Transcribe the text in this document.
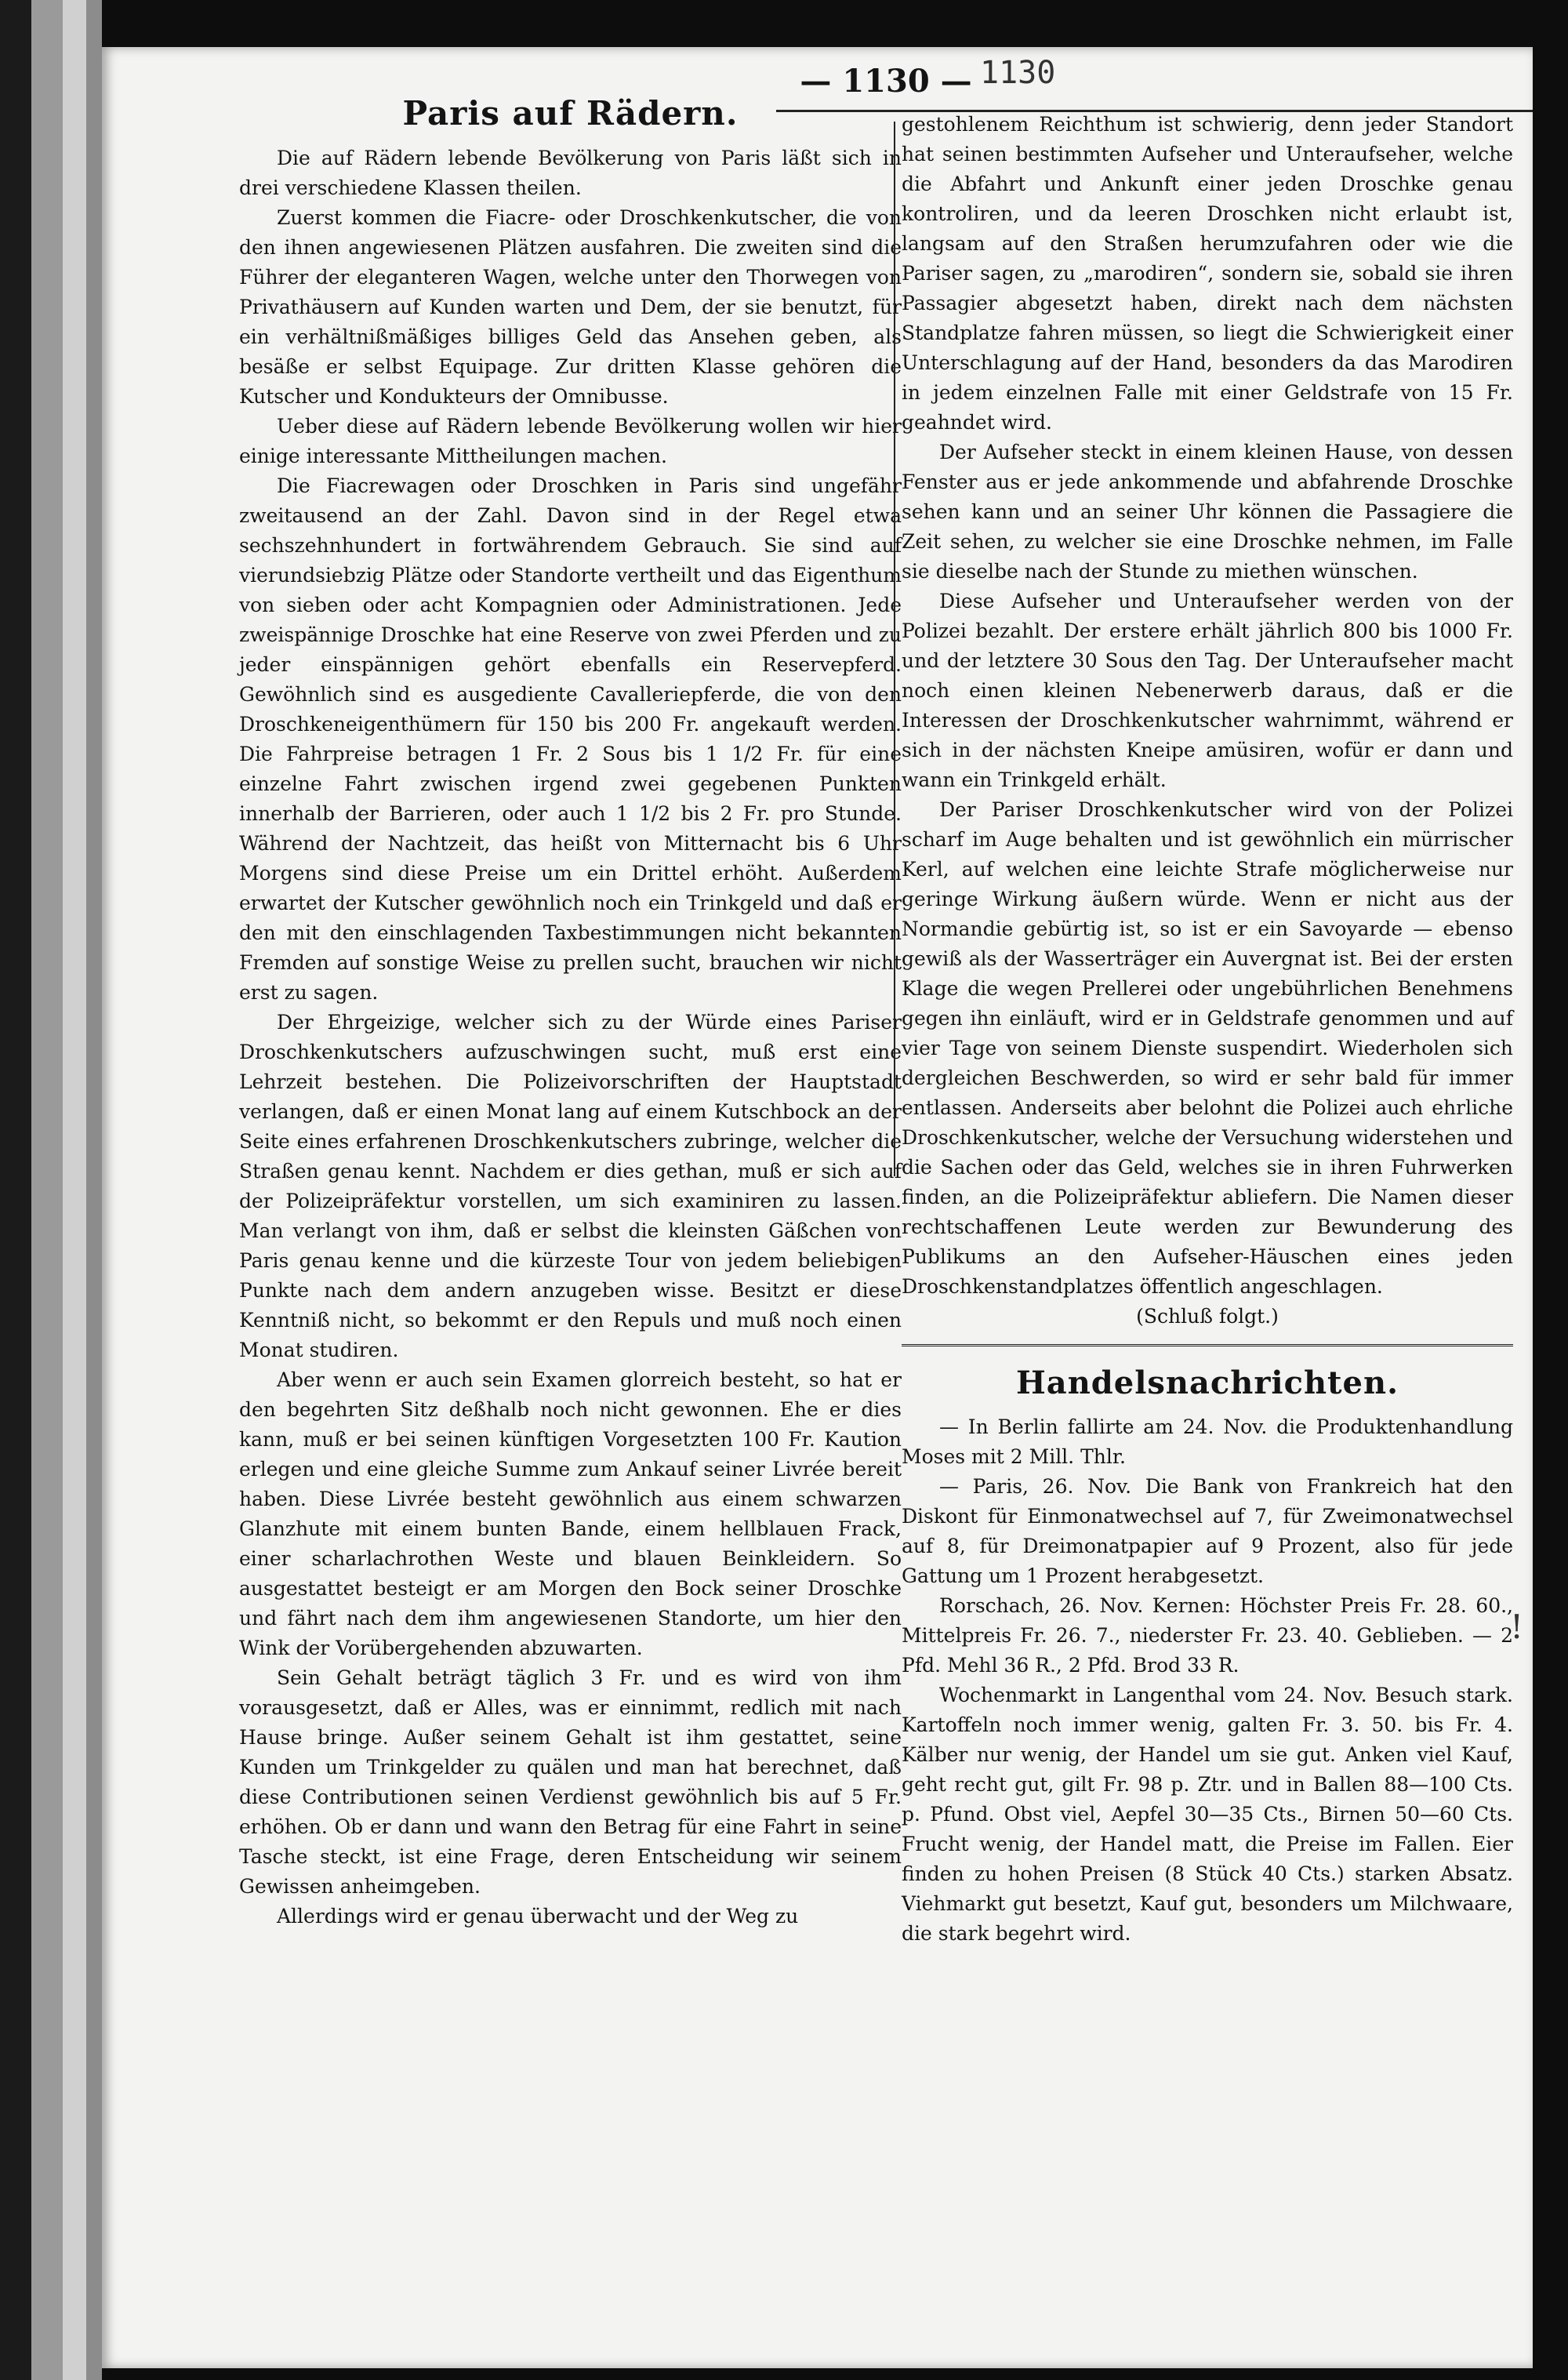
— 1130 — 1130
Paris auf Rädern.

Die auf Rädern lebende Bevölkerung von Paris läßt sich in drei verschiedene Klassen theilen.

Zuerst kommen die Fiacre- oder Droschkenkutscher, die von den ihnen angewiesenen Plätzen ausfahren. Die zweiten sind die Führer der eleganteren Wagen, welche unter den Thorwegen von Privathäusern auf Kunden warten und Dem, der sie benutzt, für ein verhältnißmäßiges billiges Geld das Ansehen geben, als besäße er selbst Equipage. Zur dritten Klasse gehören die Kutscher und Kondukteurs der Omnibusse.

Ueber diese auf Rädern lebende Bevölkerung wollen wir hier einige interessante Mittheilungen machen.

Die Fiacrewagen oder Droschken in Paris sind ungefähr zweitausend an der Zahl. Davon sind in der Regel etwa sechszehnhundert in fortwährendem Gebrauch. Sie sind auf vierundsiebzig Plätze oder Standorte vertheilt und das Eigenthum von sieben oder acht Kompagnien oder Administrationen. Jede zweispännige Droschke hat eine Reserve von zwei Pferden und zu jeder einspännigen gehört ebenfalls ein Reservepferd. Gewöhnlich sind es ausgediente Cavalleriepferde, die von den Droschkeneigenthümern für 150 bis 200 Fr. angekauft werden. Die Fahrpreise betragen 1 Fr. 2 Sous bis 1 1/2 Fr. für eine einzelne Fahrt zwischen irgend zwei gegebenen Punkten innerhalb der Barrieren, oder auch 1 1/2 bis 2 Fr. pro Stunde. Während der Nachtzeit, das heißt von Mitternacht bis 6 Uhr Morgens sind diese Preise um ein Drittel erhöht. Außerdem erwartet der Kutscher gewöhnlich noch ein Trinkgeld und daß er den mit den einschlagenden Taxbestimmungen nicht bekannten Fremden auf sonstige Weise zu prellen sucht, brauchen wir nicht erst zu sagen.

Der Ehrgeizige, welcher sich zu der Würde eines Pariser Droschkenkutschers aufzuschwingen sucht, muß erst eine Lehrzeit bestehen. Die Polizeivorschriften der Hauptstadt verlangen, daß er einen Monat lang auf einem Kutschbock an der Seite eines erfahrenen Droschkenkutschers zubringe, welcher die Straßen genau kennt. Nachdem er dies gethan, muß er sich auf der Polizeipräfektur vorstellen, um sich examiniren zu lassen. Man verlangt von ihm, daß er selbst die kleinsten Gäßchen von Paris genau kenne und die kürzeste Tour von jedem beliebigen Punkte nach dem andern anzugeben wisse. Besitzt er diese Kenntniß nicht, so bekommt er den Repuls und muß noch einen Monat studiren.

Aber wenn er auch sein Examen glorreich besteht, so hat er den begehrten Sitz deßhalb noch nicht gewonnen. Ehe er dies kann, muß er bei seinen künftigen Vorgesetzten 100 Fr. Kaution erlegen und eine gleiche Summe zum Ankauf seiner Livrée bereit haben. Diese Livrée besteht gewöhnlich aus einem schwarzen Glanzhute mit einem bunten Bande, einem hellblauen Frack, einer scharlachrothen Weste und blauen Beinkleidern. So ausgestattet besteigt er am Morgen den Bock seiner Droschke und fährt nach dem ihm angewiesenen Standorte, um hier den Wink der Vorübergehenden abzuwarten.

Sein Gehalt beträgt täglich 3 Fr. und es wird von ihm vorausgesetzt, daß er Alles, was er einnimmt, redlich mit nach Hause bringe. Außer seinem Gehalt ist ihm gestattet, seine Kunden um Trinkgelder zu quälen und man hat berechnet, daß diese Contributionen seinen Verdienst gewöhnlich bis auf 5 Fr. erhöhen. Ob er dann und wann den Betrag für eine Fahrt in seine Tasche steckt, ist eine Frage, deren Entscheidung wir seinem Gewissen anheimgeben.

Allerdings wird er genau überwacht und der Weg zu

gestohlenem Reichthum ist schwierig, denn jeder Standort hat seinen bestimmten Aufseher und Unteraufseher, welche die Abfahrt und Ankunft einer jeden Droschke genau kontroliren, und da leeren Droschken nicht erlaubt ist, langsam auf den Straßen herumzufahren oder wie die Pariser sagen, zu „marodiren“, sondern sie, sobald sie ihren Passagier abgesetzt haben, direkt nach dem nächsten Standplatze fahren müssen, so liegt die Schwierigkeit einer Unterschlagung auf der Hand, besonders da das Marodiren in jedem einzelnen Falle mit einer Geldstrafe von 15 Fr. geahndet wird.

Der Aufseher steckt in einem kleinen Hause, von dessen Fenster aus er jede ankommende und abfahrende Droschke sehen kann und an seiner Uhr können die Passagiere die Zeit sehen, zu welcher sie eine Droschke nehmen, im Falle sie dieselbe nach der Stunde zu miethen wünschen.

Diese Aufseher und Unteraufseher werden von der Polizei bezahlt. Der erstere erhält jährlich 800 bis 1000 Fr. und der letztere 30 Sous den Tag. Der Unteraufseher macht noch einen kleinen Nebenerwerb daraus, daß er die Interessen der Droschkenkutscher wahrnimmt, während er sich in der nächsten Kneipe amüsiren, wofür er dann und wann ein Trinkgeld erhält.

Der Pariser Droschkenkutscher wird von der Polizei scharf im Auge behalten und ist gewöhnlich ein mürrischer Kerl, auf welchen eine leichte Strafe möglicherweise nur geringe Wirkung äußern würde. Wenn er nicht aus der Normandie gebürtig ist, so ist er ein Savoyarde — ebenso gewiß als der Wasserträger ein Auvergnat ist. Bei der ersten Klage die wegen Prellerei oder ungebührlichen Benehmens gegen ihn einläuft, wird er in Geldstrafe genommen und auf vier Tage von seinem Dienste suspendirt. Wiederholen sich dergleichen Beschwerden, so wird er sehr bald für immer entlassen. Anderseits aber belohnt die Polizei auch ehrliche Droschkenkutscher, welche der Versuchung widerstehen und die Sachen oder das Geld, welches sie in ihren Fuhrwerken finden, an die Polizeipräfektur abliefern. Die Namen dieser rechtschaffenen Leute werden zur Bewunderung des Publikums an den Aufseher-Häuschen eines jeden Droschkenstandplatzes öffentlich angeschlagen.

(Schluß folgt.)

Handelsnachrichten.

— In Berlin fallirte am 24. Nov. die Produktenhandlung Moses mit 2 Mill. Thlr.

— Paris, 26. Nov. Die Bank von Frankreich hat den Diskont für Einmonatwechsel auf 7, für Zweimonatwechsel auf 8, für Dreimonatpapier auf 9 Prozent, also für jede Gattung um 1 Prozent herabgesetzt.

Rorschach, 26. Nov. Kernen: Höchster Preis Fr. 28. 60., Mittelpreis Fr. 26. 7., niederster Fr. 23. 40. Geblieben. — 2 Pfd. Mehl 36 R., 2 Pfd. Brod 33 R.

Wochenmarkt in Langenthal vom 24. Nov. Besuch stark. Kartoffeln noch immer wenig, galten Fr. 3. 50. bis Fr. 4. Kälber nur wenig, der Handel um sie gut. Anken viel Kauf, geht recht gut, gilt Fr. 98 p. Ztr. und in Ballen 88—100 Cts. p. Pfund. Obst viel, Aepfel 30—35 Cts., Birnen 50—60 Cts. Frucht wenig, der Handel matt, die Preise im Fallen. Eier finden zu hohen Preisen (8 Stück 40 Cts.) starken Absatz. Viehmarkt gut besetzt, Kauf gut, besonders um Milchwaare, die stark begehrt wird.

!
